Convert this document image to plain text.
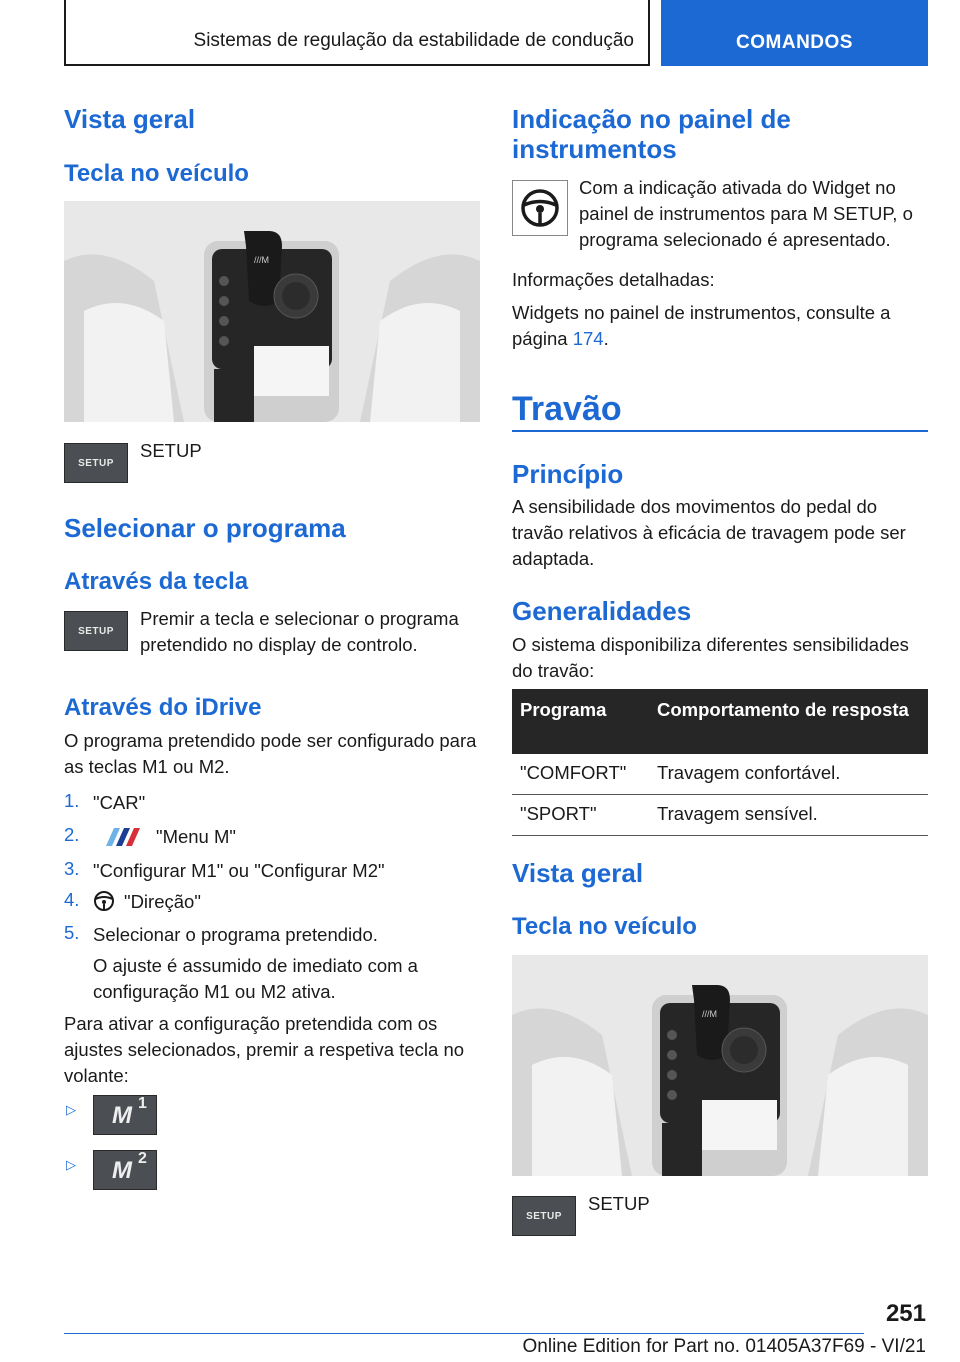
Sistemas de regulação da estabilidade de condução	COMANDOS
Vista geral
Tecla no veículo
///M
SETUP
SETUP
Selecionar o programa
Através da tecla
SETUP
Premir a tecla e selecionar o programa pretendido no display de controlo.
Através do iDrive
O programa pretendido pode ser configurado para as teclas M1 ou M2.
1. "CAR"
2.	"Menu M"
3. "Configurar M1" ou "Configurar M2"
4. "Direção"
5. Selecionar o programa pretendido.
O ajuste é assumido de imediato com a configuração M1 ou M2 ativa.
Para ativar a configuração pretendida com os ajustes selecionados, premir a respetiva tecla no volante:
▷ M 1
▷ M 2
Indicação no painel de instrumentos
Com a indicação ativada do Widget no painel de instrumentos para M SETUP, o programa selecionado é apresentado.
Informações detalhadas:
Widgets no painel de instrumentos, consulte a página 174.
Travão
Princípio
A sensibilidade dos movimentos do pedal do travão relativos à eficácia de travagem pode ser adaptada.
Generalidades
O sistema disponibiliza diferentes sensibilidades do travão:
Programa	Comportamento de resposta
"COMFORT"	Travagem confortável.
"SPORT"	Travagem sensível.
Vista geral
Tecla no veículo
///M
SETUP
SETUP
251
Online Edition for Part no. 01405A37F69 - VI/21
